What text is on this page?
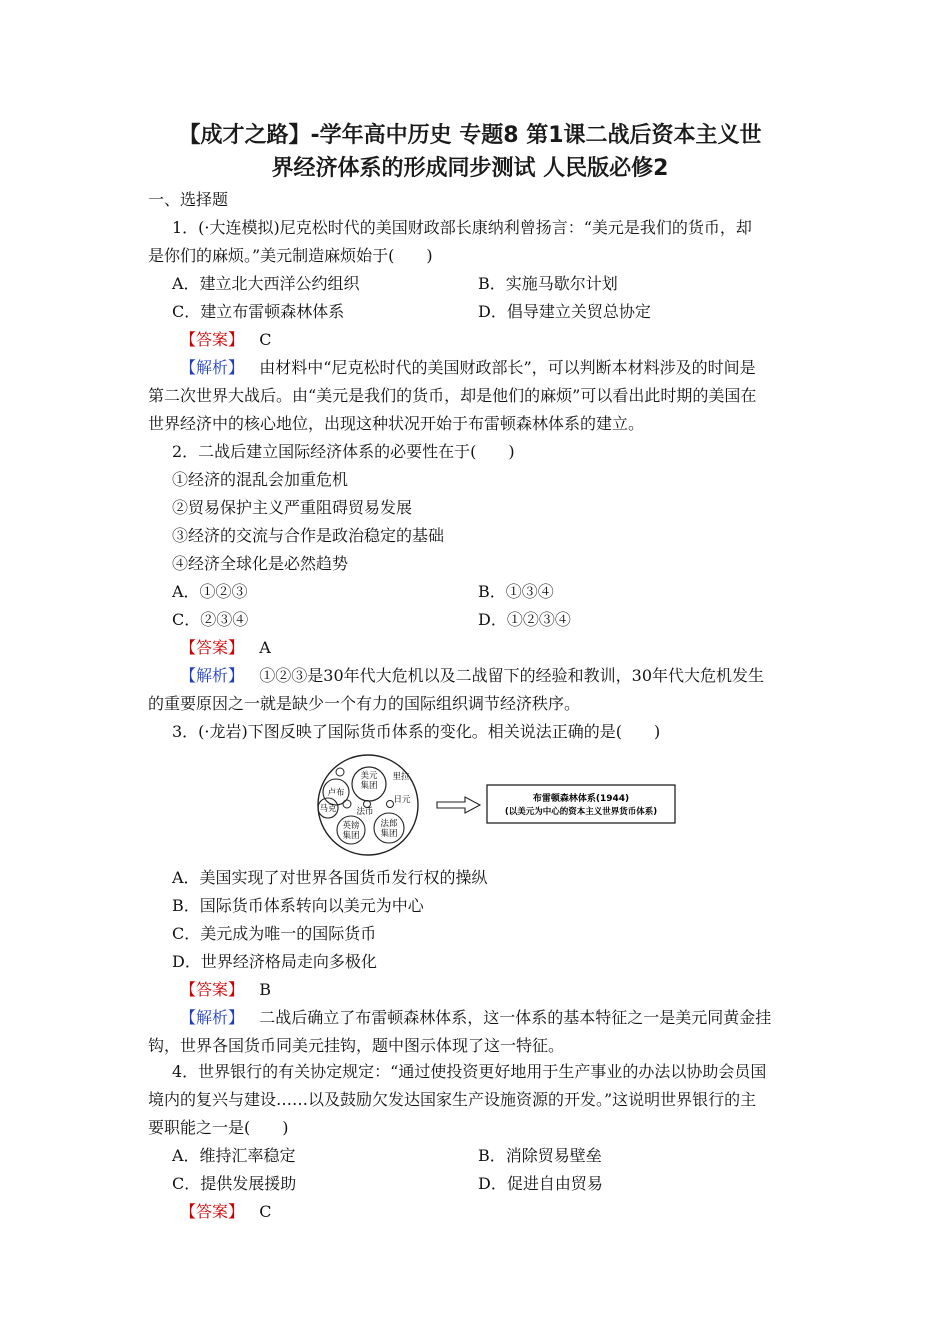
【成才之路】-学年高中历史 专题8 第1课二战后资本主义世
界经济体系的形成同步测试 人民版必修2
一、选择题
1．(·大连模拟)尼克松时代的美国财政部长康纳利曾扬言：“美元是我们的货币，却
是你们的麻烦。”美元制造麻烦始于(　　)
A．建立北大西洋公约组织	B．实施马歇尔计划
C．建立布雷顿森林体系	D．倡导建立关贸总协定
【答案】 C
【解析】 由材料中“尼克松时代的美国财政部长”，可以判断本材料涉及的时间是
第二次世界大战后。由“美元是我们的货币，却是他们的麻烦”可以看出此时期的美国在
世界经济中的核心地位，出现这种状况开始于布雷顿森林体系的建立。
2．二战后建立国际经济体系的必要性在于(　　)
①经济的混乱会加重危机
②贸易保护主义严重阻碍贸易发展
③经济的交流与合作是政治稳定的基础
④经济全球化是必然趋势
A．①②③	B．①③④
C．②③④	D．①②③④
【答案】 A
【解析】 ①②③是30年代大危机以及二战留下的经验和教训，30年代大危机发生
的重要原因之一就是缺少一个有力的国际组织调节经济秩序。
3．(·龙岩)下图反映了国际货币体系的变化。相关说法正确的是(　　)
美元集团
卢布
马克 法币
英镑集团
法郎集团
里拉
日元	布雷顿森林体系(1944)
(以美元为中心的资本主义世界货币体系)
A．美国实现了对世界各国货币发行权的操纵
B．国际货币体系转向以美元为中心
C．美元成为唯一的国际货币
D．世界经济格局走向多极化
【答案】 B
【解析】 二战后确立了布雷顿森林体系，这一体系的基本特征之一是美元同黄金挂
钩，世界各国货币同美元挂钩，题中图示体现了这一特征。
4．世界银行的有关协定规定：“通过使投资更好地用于生产事业的办法以协助会员国
境内的复兴与建设……以及鼓励欠发达国家生产设施资源的开发。”这说明世界银行的主
要职能之一是(　　)
A．维持汇率稳定	B．消除贸易壁垒
C．提供发展援助	D．促进自由贸易
【答案】 C
